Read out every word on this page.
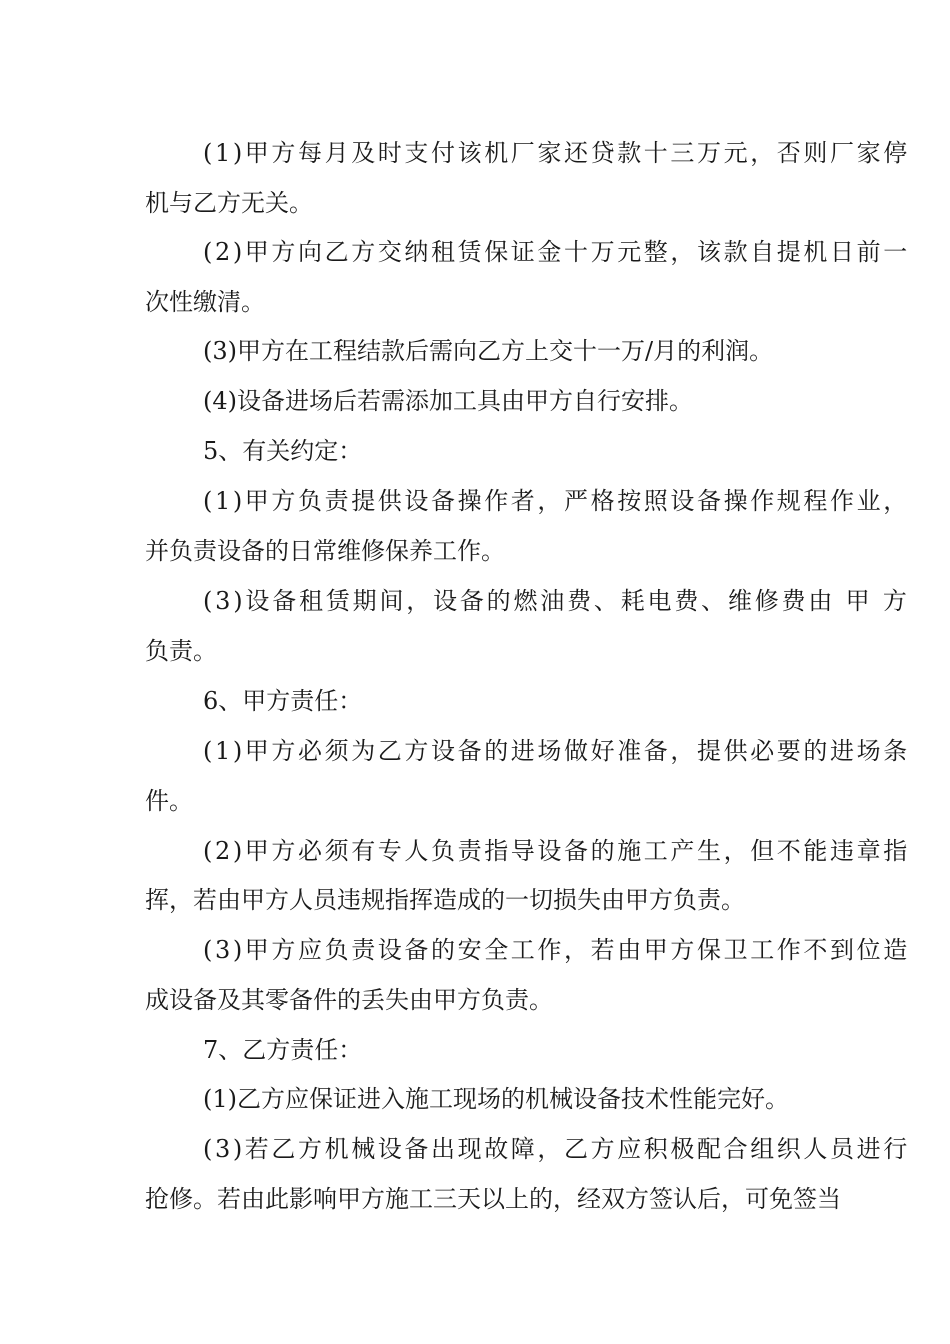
(1)甲方每月及时支付该机厂家还贷款十三万元，否则厂家停
机与乙方无关。
(2)甲方向乙方交纳租赁保证金十万元整，该款自提机日前一
次性缴清。
(3)甲方在工程结款后需向乙方上交十一万/月的利润。
(4)设备进场后若需添加工具由甲方自行安排。
5、有关约定：
(1)甲方负责提供设备操作者，严格按照设备操作规程作业，
并负责设备的日常维修保养工作。
(3)设备租赁期间，设备的燃油费、耗电费、维修费由 甲 方
负责。
6、甲方责任：
(1)甲方必须为乙方设备的进场做好准备，提供必要的进场条
件。
(2)甲方必须有专人负责指导设备的施工产生，但不能违章指
挥，若由甲方人员违规指挥造成的一切损失由甲方负责。
(3)甲方应负责设备的安全工作，若由甲方保卫工作不到位造
成设备及其零备件的丢失由甲方负责。
7、乙方责任：
(1)乙方应保证进入施工现场的机械设备技术性能完好。
(3)若乙方机械设备出现故障，乙方应积极配合组织人员进行
抢修。若由此影响甲方施工三天以上的，经双方签认后，可免签当
